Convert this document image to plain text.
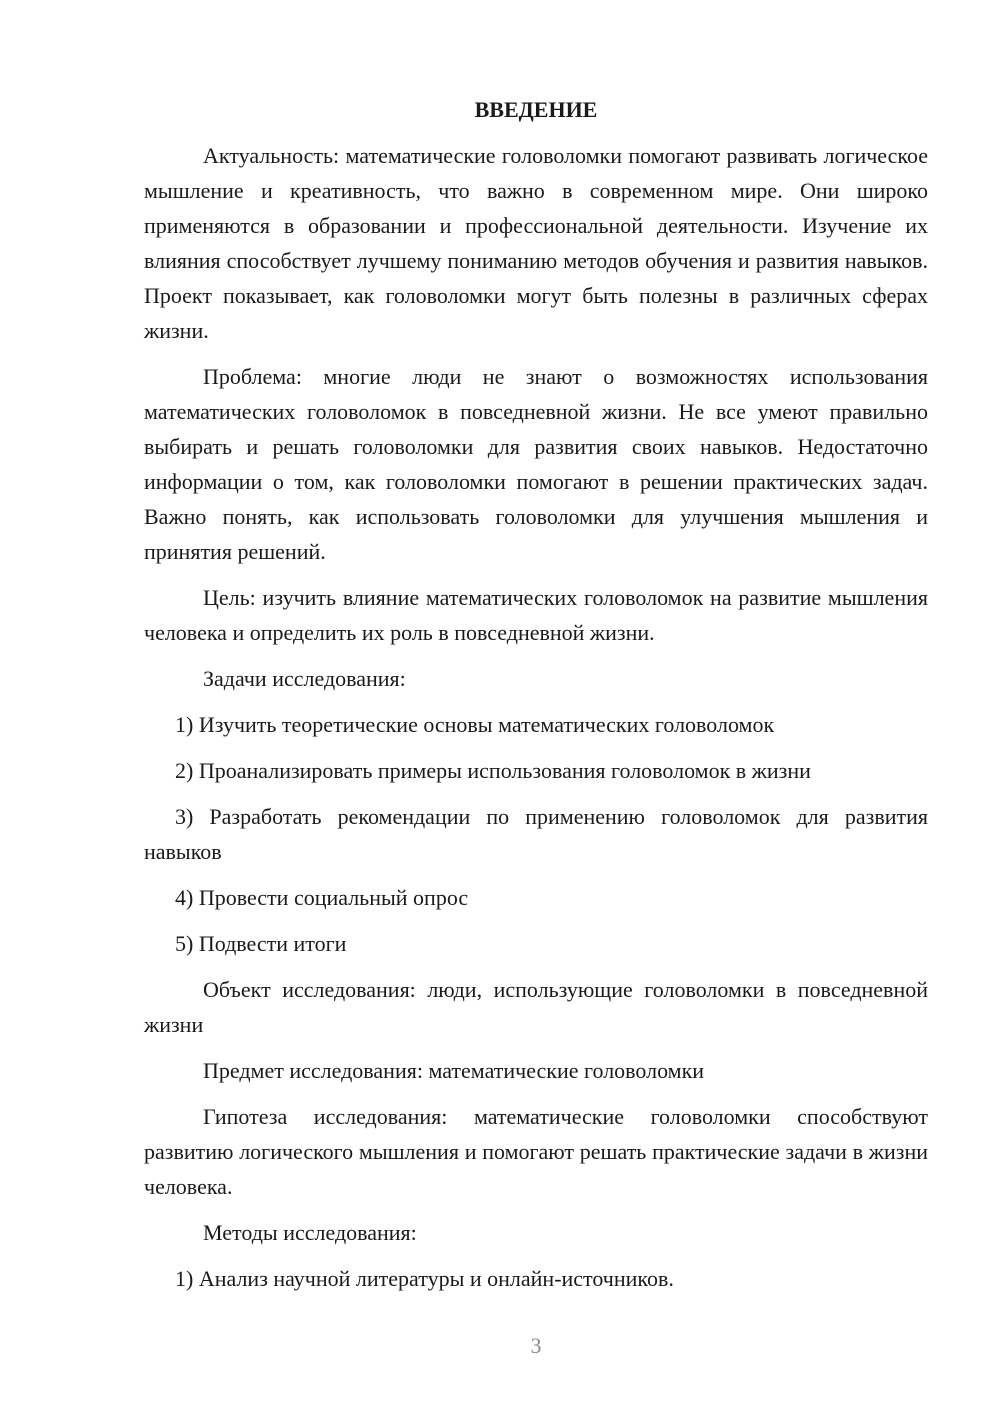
ВВЕДЕНИЕ

Актуальность: математические головоломки помогают развивать логическое мышление и креативность, что важно в современном мире. Они широко применяются в образовании и профессиональной деятельности. Изучение их влияния способствует лучшему пониманию методов обучения и развития навыков. Проект показывает, как головоломки могут быть полезны в различных сферах жизни.

Проблема: многие люди не знают о возможностях использования математических головоломок в повседневной жизни. Не все умеют правильно выбирать и решать головоломки для развития своих навыков. Недостаточно информации о том, как головоломки помогают в решении практических задач. Важно понять, как использовать головоломки для улучшения мышления и принятия решений.

Цель: изучить влияние математических головоломок на развитие мышления человека и определить их роль в повседневной жизни.

Задачи исследования:

1) Изучить теоретические основы математических головоломок

2) Проанализировать примеры использования головоломок в жизни

3) Разработать рекомендации по применению головоломок для развития навыков

4) Провести социальный опрос

5) Подвести итоги

Объект исследования: люди, использующие головоломки в повседневной жизни

Предмет исследования: математические головоломки

Гипотеза исследования: математические головоломки способствуют развитию логического мышления и помогают решать практические задачи в жизни человека.

Методы исследования:

1) Анализ научной литературы и онлайн-источников.

3
